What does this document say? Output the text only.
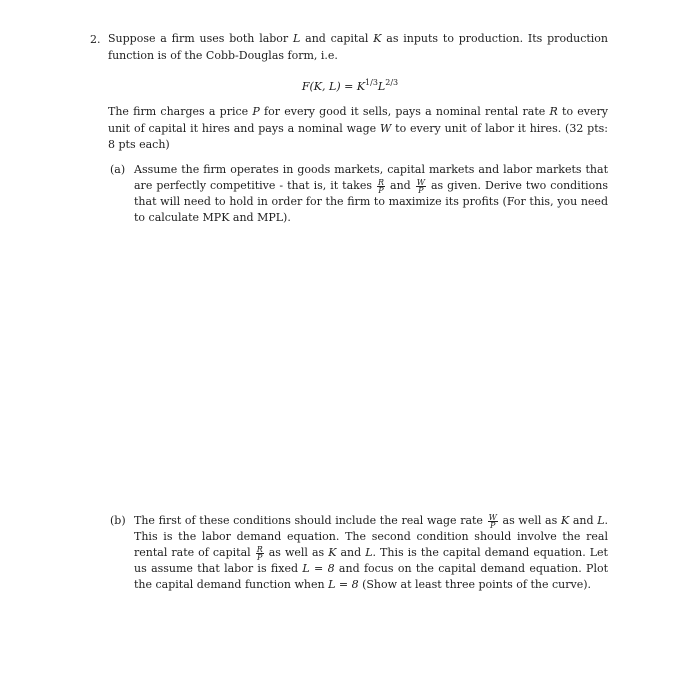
2. Suppose a firm uses both labor L and capital K as inputs to production. Its production function is of the Cobb-Douglas form, i.e.
F(K, $L) = K^{1/3}L^{2/3}$
The firm charges a price P for every good it sells, pays a nominal rental rate R to every unit of capital it hires and pays a nominal wage W to every unit of labor it hires. (32 pts: 8 pts each)
(a) Assume the firm operates in goods markets, capital markets and labor markets that are perfectly competitive - that is, it takes $\frac{R}{P}$ and $\frac{W}{P}$ as given. Derive two conditions that will need to hold in order for the firm to maximize its profits (For this, you need to calculate MPK and MPL).
(b) The first of these conditions should include the real wage rate $\frac{W}{P}$ as well as K and L. This is the labor demand equation. The second condition should involve the real rental rate of capital $\frac{R}{P}$ as well as K and L. This is the capital demand equation. Let us assume that labor is fixed L = 8 and focus on the capital demand equation. Plot the capital demand function when L = 8 (Show at least three points of the curve).
